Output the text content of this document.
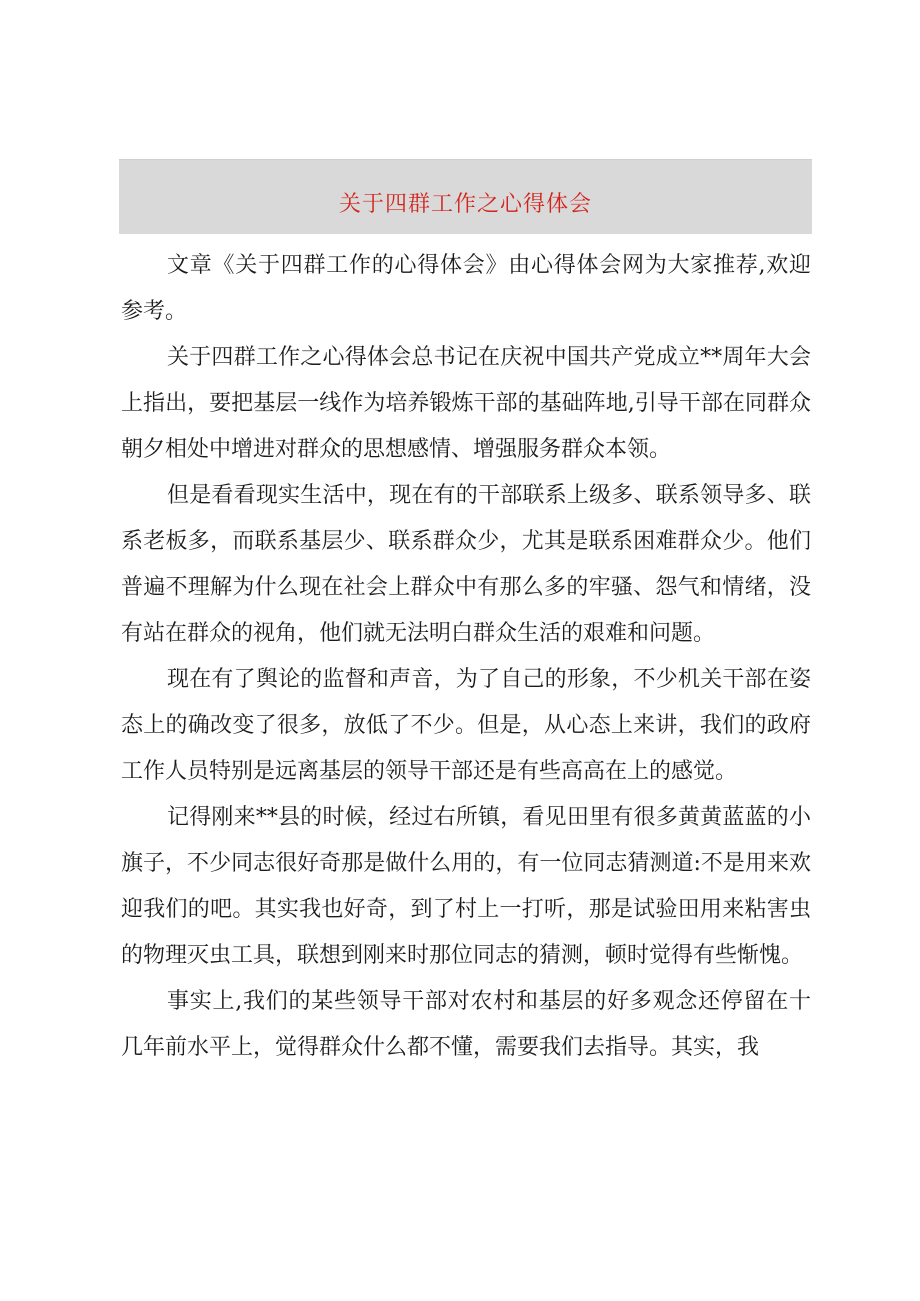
关于四群工作之心得体会

文章《关于四群工作的心得体会》由心得体会网为大家推荐,欢迎参考。

关于四群工作之心得体会总书记在庆祝中国共产党成立**周年大会上指出，要把基层一线作为培养锻炼干部的基础阵地,引导干部在同群众朝夕相处中增进对群众的思想感情、增强服务群众本领。

但是看看现实生活中，现在有的干部联系上级多、联系领导多、联系老板多，而联系基层少、联系群众少，尤其是联系困难群众少。他们普遍不理解为什么现在社会上群众中有那么多的牢骚、怨气和情绪，没有站在群众的视角，他们就无法明白群众生活的艰难和问题。

现在有了舆论的监督和声音，为了自己的形象，不少机关干部在姿态上的确改变了很多，放低了不少。但是，从心态上来讲，我们的政府工作人员特别是远离基层的领导干部还是有些高高在上的感觉。

记得刚来**县的时候，经过右所镇，看见田里有很多黄黄蓝蓝的小旗子，不少同志很好奇那是做什么用的，有一位同志猜测道:不是用来欢迎我们的吧。其实我也好奇，到了村上一打听，那是试验田用来粘害虫的物理灭虫工具，联想到刚来时那位同志的猜测，顿时觉得有些惭愧。

事实上,我们的某些领导干部对农村和基层的好多观念还停留在十几年前水平上，觉得群众什么都不懂，需要我们去指导。其实，我
